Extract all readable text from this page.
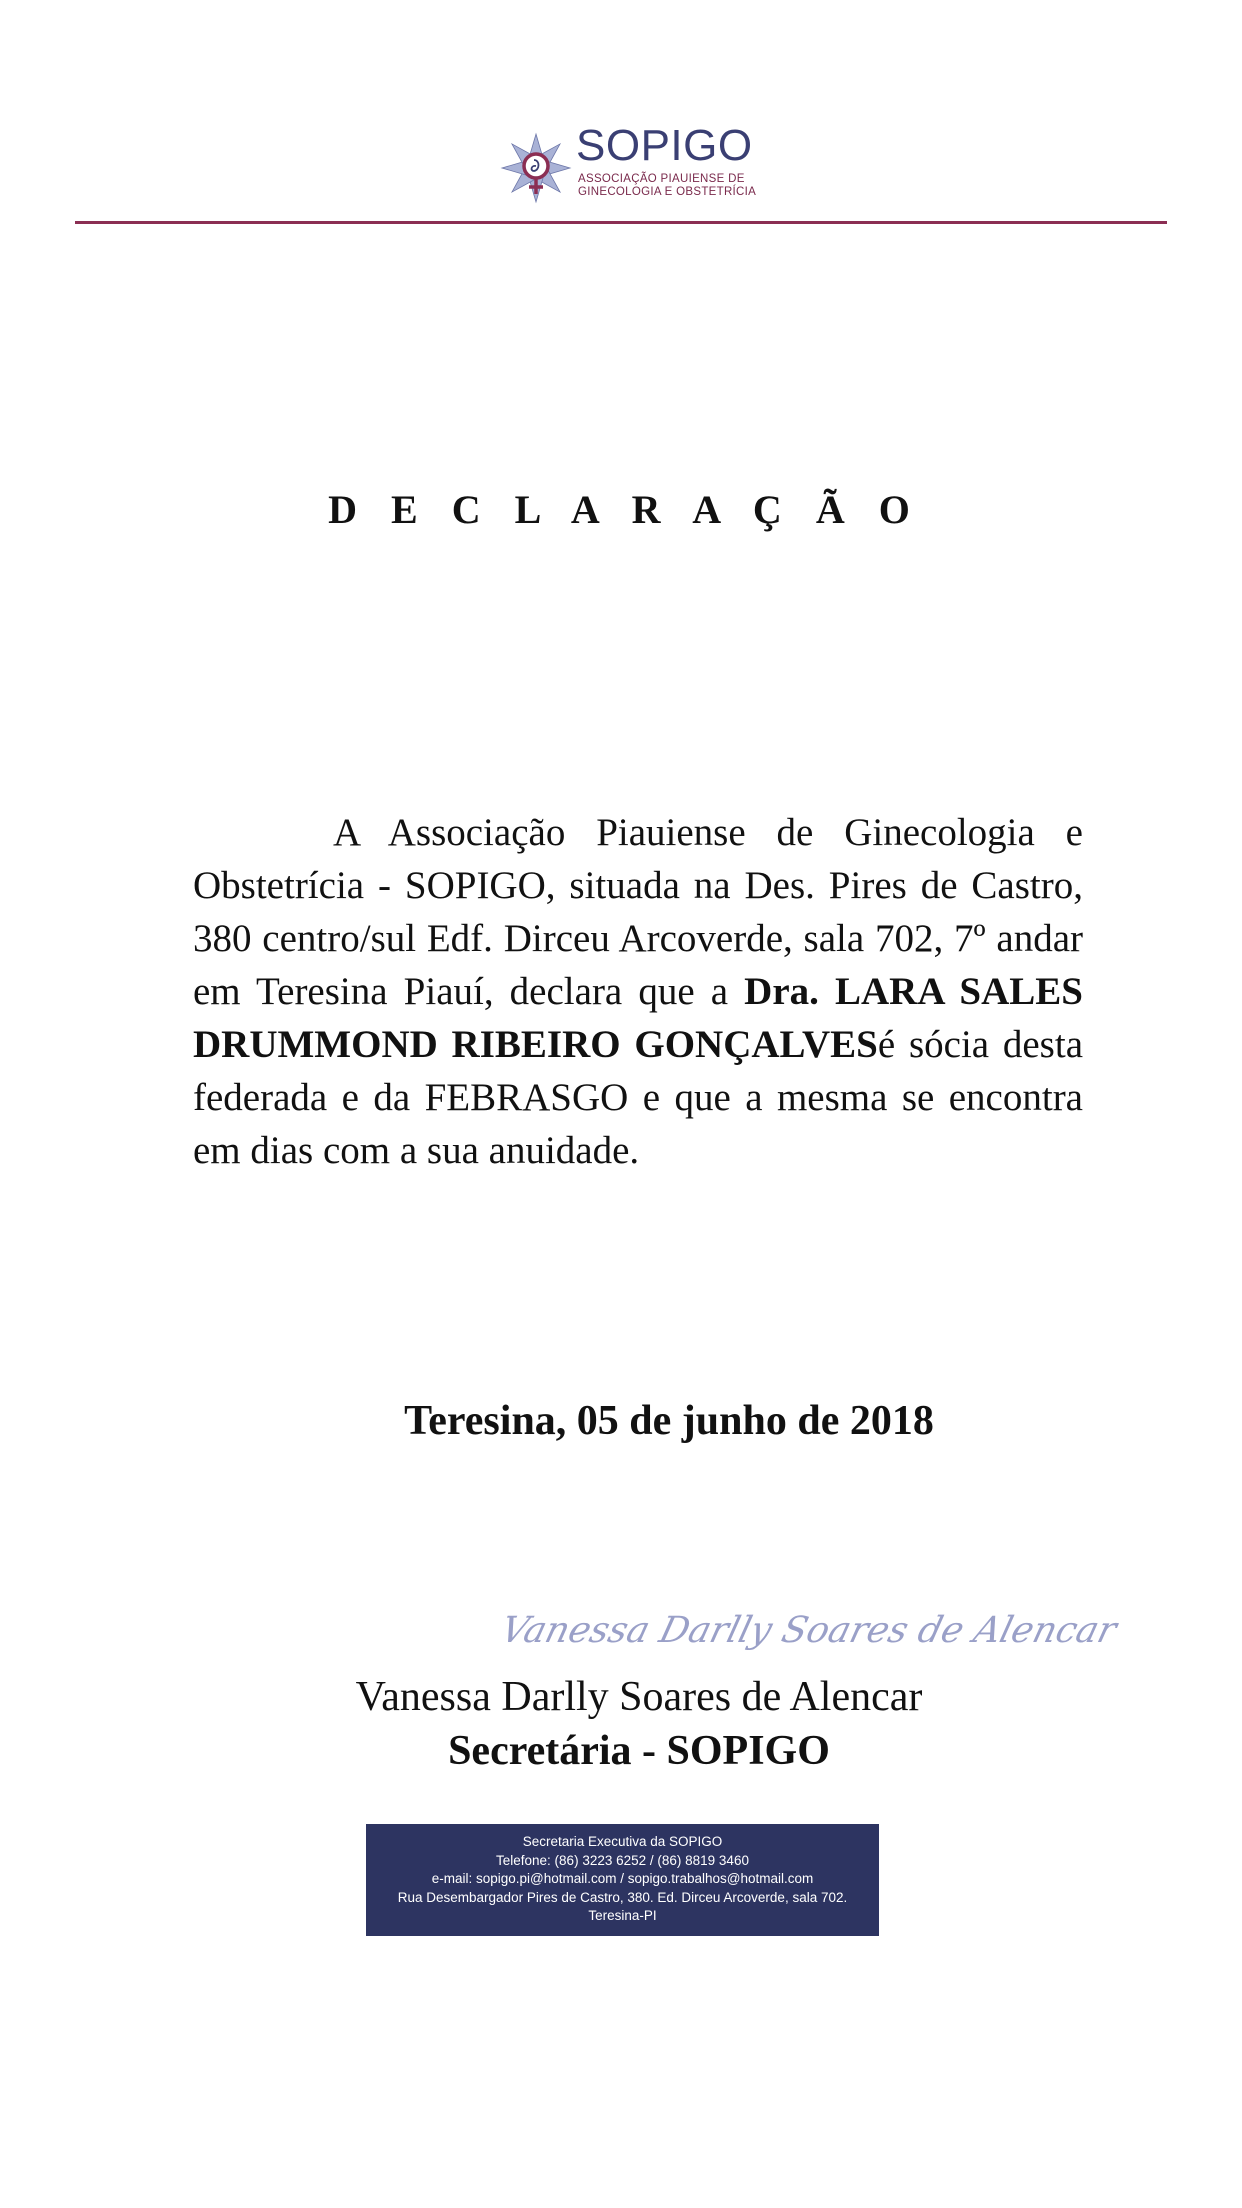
SOPIGO
ASSOCIAÇÃO PIAUIENSE DE
GINECOLOGIA E OBSTETRÍCIA
D E C L A R A Ç Ã O
A Associação Piauiense de Ginecologia e Obstetrícia - SOPIGO, situada na Des. Pires de Castro, 380 centro/sul Edf. Dirceu Arcoverde, sala 702, 7º andar em Teresina Piauí, declara que a Dra. LARA SALES DRUMMOND RIBEIRO GONÇALVESé sócia desta federada e da FEBRASGO e que a mesma se encontra em dias com a sua anuidade.
Teresina, 05 de junho de 2018
Vanessa Darlly Soares de Alencar
Vanessa Darlly Soares de Alencar
Secretária - SOPIGO
Secretaria Executiva da SOPIGO
Telefone: (86) 3223 6252 / (86) 8819 3460
e-mail: sopigo.pi@hotmail.com / sopigo.trabalhos@hotmail.com
Rua Desembargador Pires de Castro, 380. Ed. Dirceu Arcoverde, sala 702.
Teresina-PI
